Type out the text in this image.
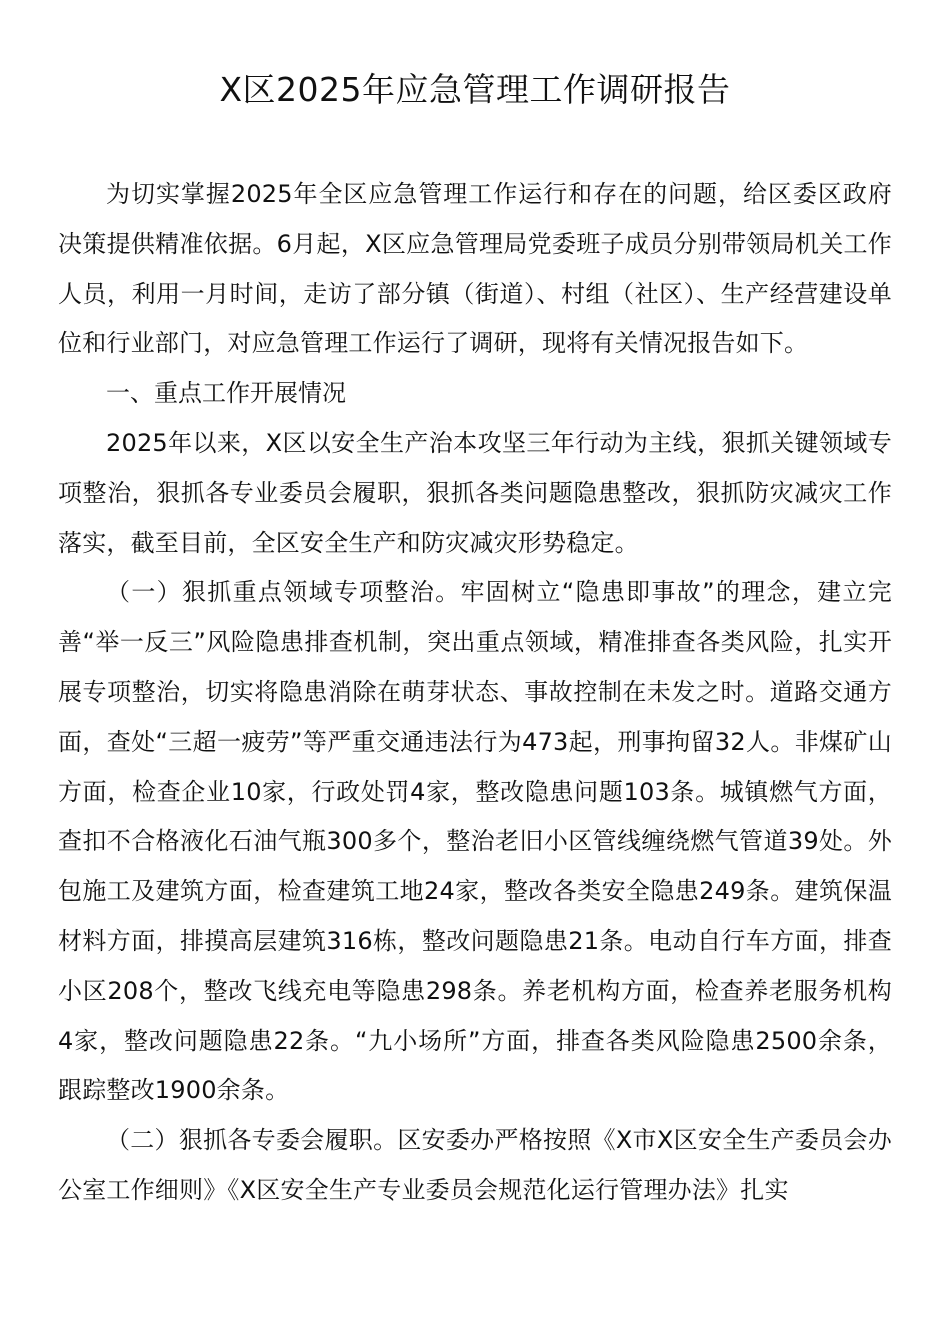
X区2025年应急管理工作调研报告

为切实掌握2025年全区应急管理工作运行和存在的问题，给区委区政府决策提供精准依据。6月起，X区应急管理局党委班子成员分别带领局机关工作人员，利用一月时间，走访了部分镇（街道）、村组（社区）、生产经营建设单位和行业部门，对应急管理工作运行了调研，现将有关情况报告如下。

一、重点工作开展情况

2025年以来，X区以安全生产治本攻坚三年行动为主线，狠抓关键领域专项整治，狠抓各专业委员会履职，狠抓各类问题隐患整改，狠抓防灾减灾工作落实，截至目前，全区安全生产和防灾减灾形势稳定。

（一）狠抓重点领域专项整治。牢固树立“隐患即事故”的理念，建立完善“举一反三”风险隐患排查机制，突出重点领域，精准排查各类风险，扎实开展专项整治，切实将隐患消除在萌芽状态、事故控制在未发之时。道路交通方面，查处“三超一疲劳”等严重交通违法行为473起，刑事拘留32人。非煤矿山方面，检查企业10家，行政处罚4家，整改隐患问题103条。城镇燃气方面，查扣不合格液化石油气瓶300多个，整治老旧小区管线缠绕燃气管道39处。外包施工及建筑方面，检查建筑工地24家，整改各类安全隐患249条。建筑保温材料方面，排摸高层建筑316栋，整改问题隐患21条。电动自行车方面，排查小区208个，整改飞线充电等隐患298条。养老机构方面，检查养老服务机构4家，整改问题隐患22条。“九小场所”方面，排查各类风险隐患2500余条，跟踪整改1900余条。

（二）狠抓各专委会履职。区安委办严格按照《X市X区安全生产委员会办公室工作细则》《X区安全生产专业委员会规范化运行管理办法》扎实
